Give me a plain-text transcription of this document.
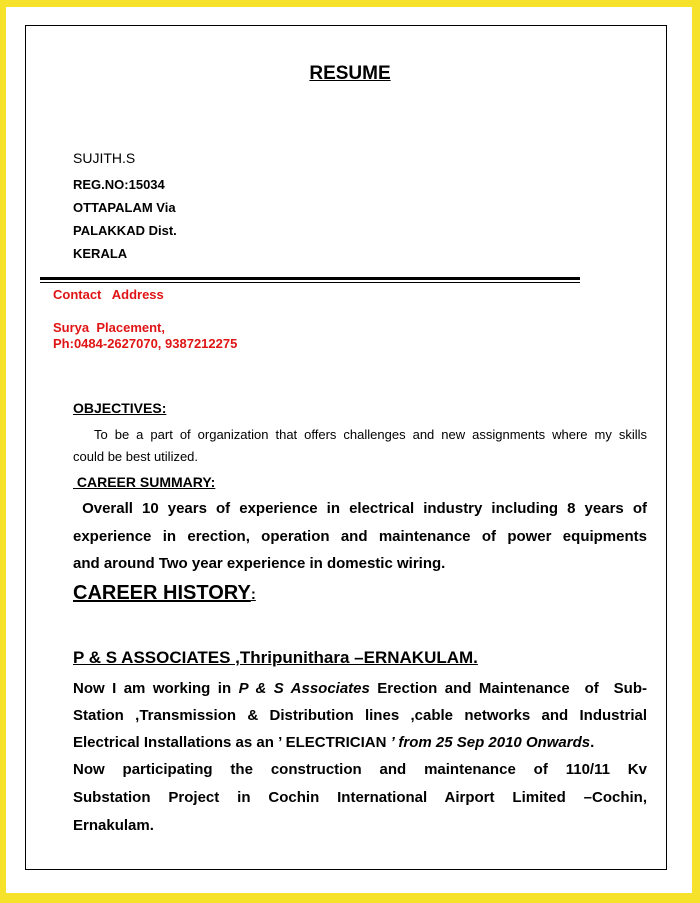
RESUME
SUJITH.S
REG.NO:15034
OTTAPALAM Via
PALAKKAD Dist.
KERALA
Contact   Address
Surya  Placement,
Ph:0484-2627070, 9387212275
OBJECTIVES:
To be a part of organization that offers challenges and new assignments where my skills
could be best utilized.
CAREER SUMMARY:
Overall 10 years of experience in electrical industry including 8 years of
experience in erection, operation and maintenance of power equipments
and around Two year experience in domestic wiring.
CAREER HISTORY:
P & S ASSOCIATES ,Thripunithara –ERNAKULAM.
Now I am working in P & S Associates Erection and Maintenance  of  Sub-
Station ,Transmission & Distribution lines ,cable networks and Industrial
Electrical Installations as an ’ ELECTRICIAN ’ from 25 Sep 2010 Onwards.
Now participating the construction and maintenance of 110/11 Kv
Substation Project in Cochin International Airport Limited –Cochin,
Ernakulam.
